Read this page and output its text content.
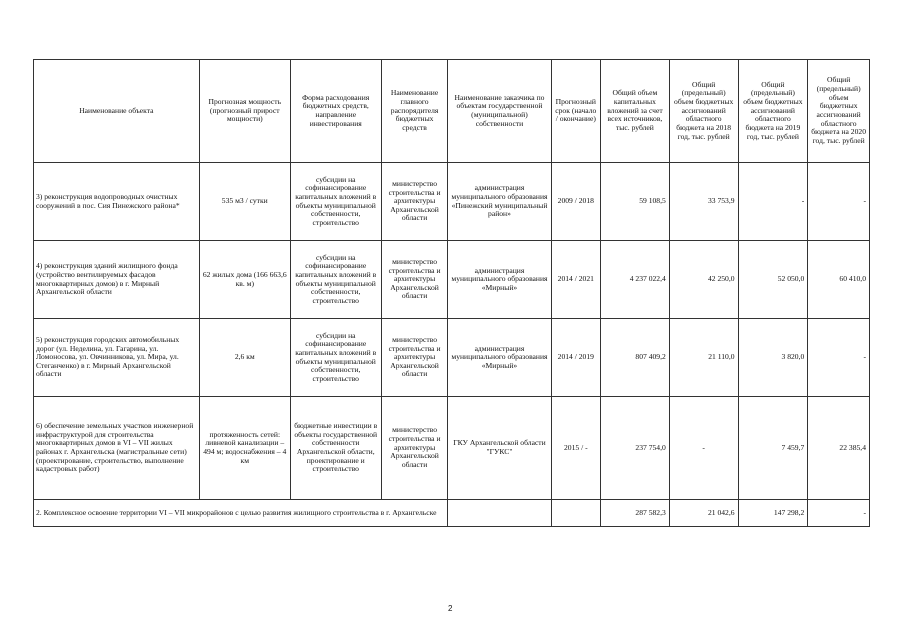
Наименование объекта	Прогнозная мощность (прогнозный прирост мощности)	Форма расходования бюджетных средств, направление инвестирования	Наименование главного распорядителя бюджетных средств	Наименование заказчика по объектам государственной (муниципальной) собственности	Прогнозный срок (начало / окончание)	Общий объем капитальных вложений за счет всех источников, тыс. рублей	Общий (предельный) объем бюджетных ассигнований областного бюджета на 2018 год, тыс. рублей	Общий (предельный) объем бюджетных ассигнований областного бюджета на 2019 год, тыс. рублей	Общий (предельный) объем бюджетных ассигнований областного бюджета на 2020 год, тыс. рублей
3) реконструкция водопроводных очистных сооружений в пос. Сия Пинежского района*	535 м3 / сутки	субсидии на софинансирование капитальных вложений в объекты муниципальной собственности, строительство	министерство строительства и архитектуры Архангельской области	администрация муниципального образования «Пинежский муниципальный район»	2009 / 2018	59 108,5	33 753,9	-	-
4) реконструкция зданий жилищного фонда (устройство вентилируемых фасадов многоквартирных домов) в г. Мирный Архангельской области	62 жилых дома (166 663,6 кв. м)	субсидии на софинансирование капитальных вложений в объекты муниципальной собственности, строительство	министерство строительства и архитектуры Архангельской области	администрация муниципального образования «Мирный»	2014 / 2021	4 237 022,4	42 250,0	52 050,0	60 410,0
5) реконструкция городских автомобильных дорог (ул. Неделина, ул. Гагарина, ул. Ломоносова, ул. Овчинникова, ул. Мира, ул. Стеганченко) в г. Мирный Архангельской области	2,6 км	субсидии на софинансирование капитальных вложений в объекты муниципальной собственности, строительство	министерство строительства и архитектуры Архангельской области	администрация муниципального образования «Мирный»	2014 / 2019	807 409,2	21 110,0	3 820,0	-
6) обеспечение земельных участков инженерной инфраструктурой для строительства многоквартирных домов в VI – VII жилых районах г. Архангельска (магистральные сети) (проектирование, строительство, выполнение кадастровых работ)	протяженность сетей: ливневой канализации – 494 м; водоснабжения – 4 км	бюджетные инвестиции в объекты государственной собственности Архангельской области, проектирование и строительство	министерство строительства и архитектуры Архангельской области	ГКУ Архангельской области "ГУКС"	2015 / -	237 754,0	-	7 459,7	22 385,4
2. Комплексное освоение территории VI – VII микрорайонов с целью развития жилищного строительства в г. Архангельске						287 582,3	21 042,6	147 298,2	-
2
